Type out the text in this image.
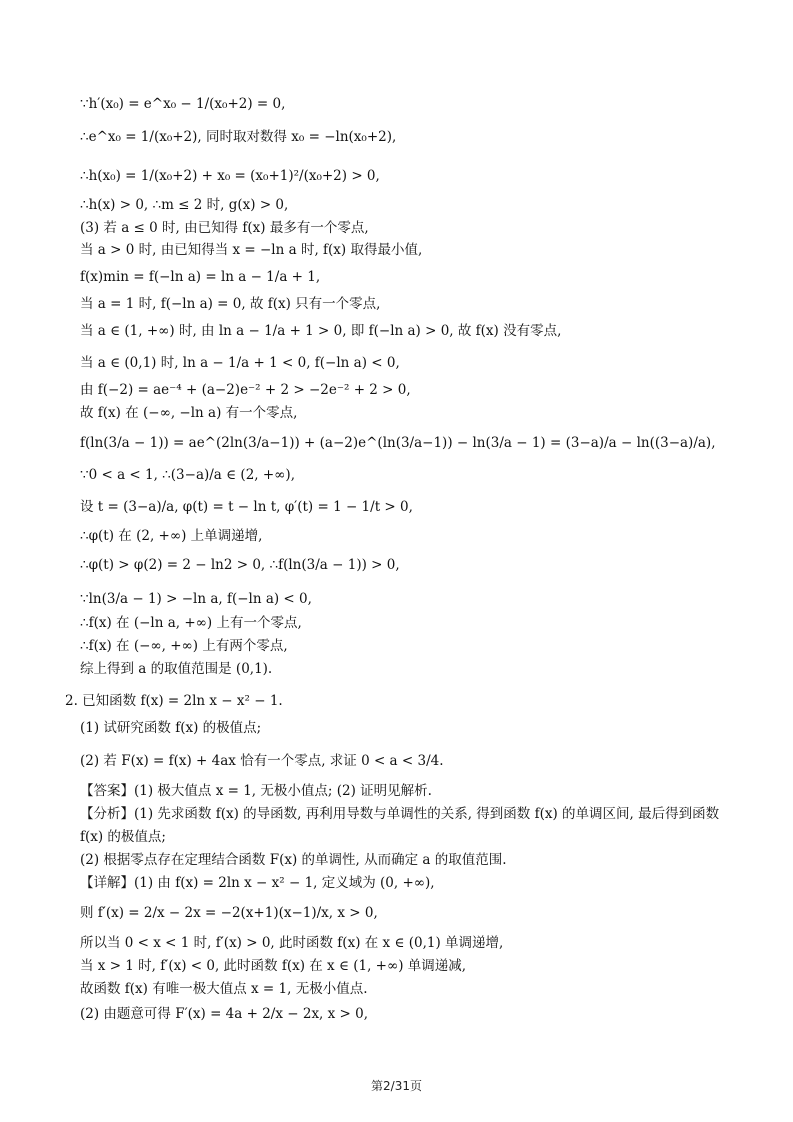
∵h′(x₀) = e^x₀ − 1/(x₀+2) = 0,
∴e^x₀ = 1/(x₀+2), 同时取对数得 x₀ = −ln(x₀+2),
∴h(x₀) = 1/(x₀+2) + x₀ = (x₀+1)²/(x₀+2) > 0,
∴h(x) > 0, ∴m ≤ 2 时, g(x) > 0,
(3) 若 a ≤ 0 时, 由已知得 f(x) 最多有一个零点,
当 a > 0 时, 由已知得当 x = −ln a 时, f(x) 取得最小值,
f(x)min = f(−ln a) = ln a − 1/a + 1,
当 a = 1 时, f(−ln a) = 0, 故 f(x) 只有一个零点,
当 a ∈ (1, +∞) 时, 由 ln a − 1/a + 1 > 0, 即 f(−ln a) > 0, 故 f(x) 没有零点,
当 a ∈ (0,1) 时, ln a − 1/a + 1 < 0, f(−ln a) < 0,
由 f(−2) = ae⁻⁴ + (a−2)e⁻² + 2 > −2e⁻² + 2 > 0,
故 f(x) 在 (−∞, −ln a) 有一个零点,
f(ln(3/a − 1)) = ae^(2ln(3/a−1)) + (a−2)e^(ln(3/a−1)) − ln(3/a − 1) = (3−a)/a − ln((3−a)/a),
∵0 < a < 1, ∴(3−a)/a ∈ (2, +∞),
设 t = (3−a)/a, φ(t) = t − ln t, φ′(t) = 1 − 1/t > 0,
∴φ(t) 在 (2, +∞) 上单调递增,
∴φ(t) > φ(2) = 2 − ln2 > 0, ∴f(ln(3/a − 1)) > 0,
∵ln(3/a − 1) > −ln a, f(−ln a) < 0,
∴f(x) 在 (−ln a, +∞) 上有一个零点,
∴f(x) 在 (−∞, +∞) 上有两个零点,
综上得到 a 的取值范围是 (0,1).
2. 已知函数 f(x) = 2ln x − x² − 1.
(1) 试研究函数 f(x) 的极值点;
(2) 若 F(x) = f(x) + 4ax 恰有一个零点, 求证 0 < a < 3/4.
【答案】(1) 极大值点 x = 1, 无极小值点; (2) 证明见解析.
【分析】(1) 先求函数 f(x) 的导函数, 再利用导数与单调性的关系, 得到函数 f(x) 的单调区间, 最后得到函数
f(x) 的极值点;
(2) 根据零点存在定理结合函数 F(x) 的单调性, 从而确定 a 的取值范围.
【详解】(1) 由 f(x) = 2ln x − x² − 1, 定义域为 (0, +∞),
则 f′(x) = 2/x − 2x = −2(x+1)(x−1)/x, x > 0,
所以当 0 < x < 1 时, f′(x) > 0, 此时函数 f(x) 在 x ∈ (0,1) 单调递增,
当 x > 1 时, f′(x) < 0, 此时函数 f(x) 在 x ∈ (1, +∞) 单调递减,
故函数 f(x) 有唯一极大值点 x = 1, 无极小值点.
(2) 由题意可得 F′(x) = 4a + 2/x − 2x, x > 0,
第2/31页
